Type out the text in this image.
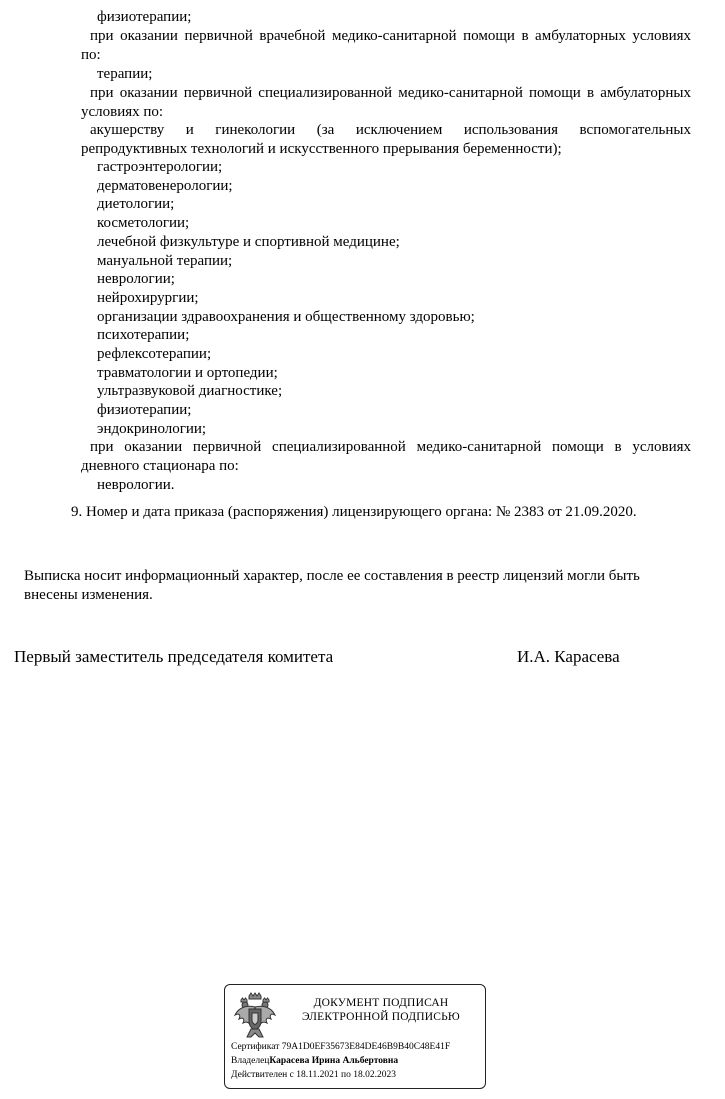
физиотерапии;
при оказании первичной врачебной медико-санитарной помощи в амбулаторных условиях по:
терапии;
при оказании первичной специализированной медико-санитарной помощи в амбулаторных условиях по:
акушерству и гинекологии (за исключением использования вспомогательных репродуктивных технологий и искусственного прерывания беременности);
гастроэнтерологии;
дерматовенерологии;
диетологии;
косметологии;
лечебной физкультуре и спортивной медицине;
мануальной терапии;
неврологии;
нейрохирургии;
организации здравоохранения и общественному здоровью;
психотерапии;
рефлексотерапии;
травматологии и ортопедии;
ультразвуковой диагностике;
физиотерапии;
эндокринологии;
при оказании первичной специализированной медико-санитарной помощи в условиях дневного стационара по:
неврологии.
9. Номер и дата приказа (распоряжения) лицензирующего органа: № 2383 от 21.09.2020.
Выписка носит информационный характер, после ее составления в реестр лицензий могли быть
внесены изменения.
Первый заместитель председателя комитета	И.А. Карасева
ДОКУМЕНТ ПОДПИСАН
ЭЛЕКТРОННОЙ ПОДПИСЬЮ
Сертификат 79A1D0EF35673E84DE46B9B40C48E41F
ВладелецКарасева Ирина Альбертовна
Действителен с 18.11.2021 по 18.02.2023
